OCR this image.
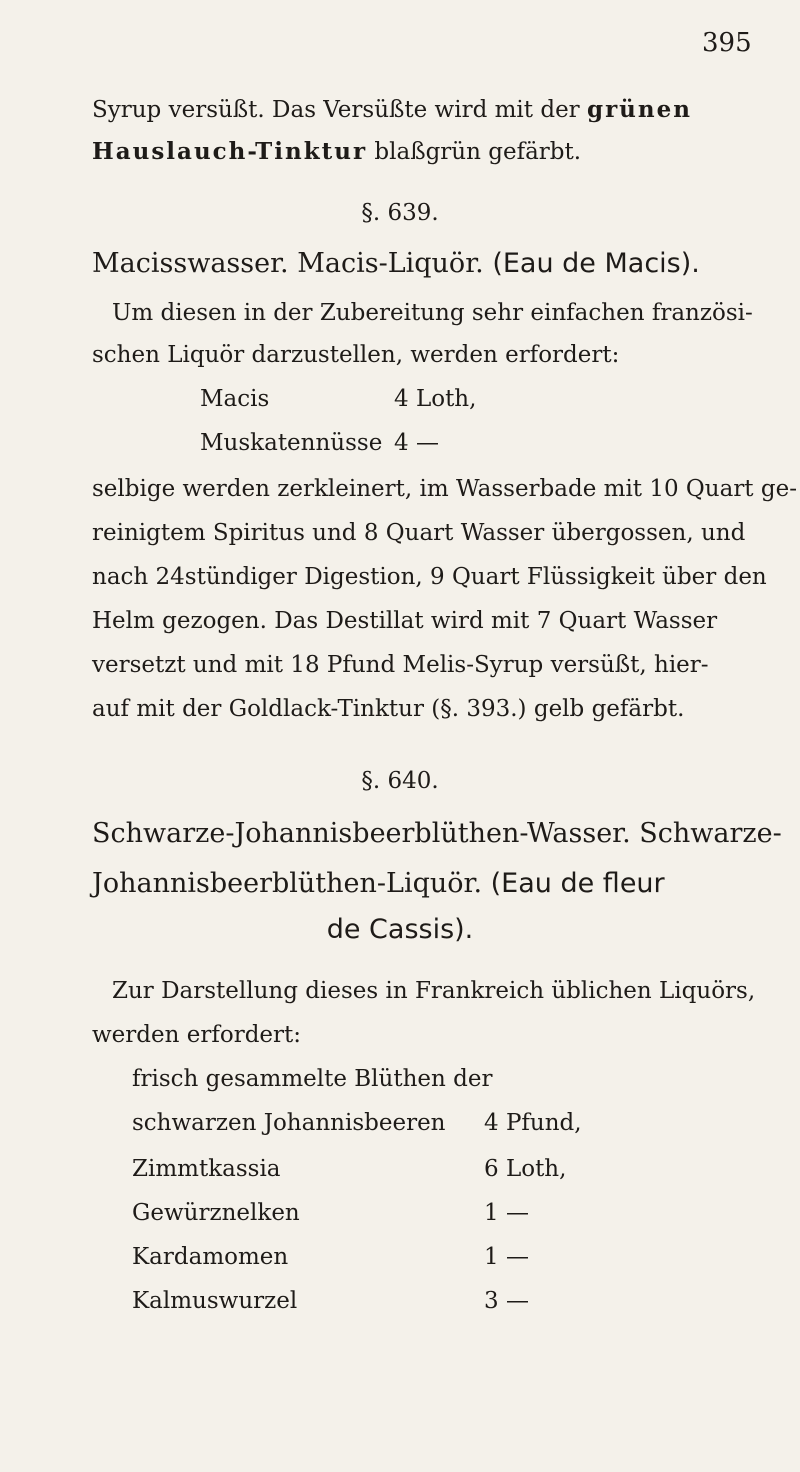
395
Syrup versüßt. Das Versüßte wird mit der grünen
Hauslauch-Tinktur blaßgrün gefärbt.
§. 639.
Macisswasser. Macis-Liquör. (Eau de Macis).
Um diesen in der Zubereitung sehr einfachen französi-
schen Liquör darzustellen, werden erfordert:
Macis	4 Loth,
Muskatennüsse 4 —
selbige werden zerkleinert, im Wasserbade mit 10 Quart ge-
reinigtem Spiritus und 8 Quart Wasser übergossen, und
nach 24stündiger Digestion, 9 Quart Flüssigkeit über den
Helm gezogen. Das Destillat wird mit 7 Quart Wasser
versetzt und mit 18 Pfund Melis-Syrup versüßt, hier-
auf mit der Goldlack-Tinktur (§. 393.) gelb gefärbt.
§. 640.
Schwarze-Johannisbeerblüthen-Wasser. Schwarze-
Johannisbeerblüthen-Liquör. (Eau de fleur
de Cassis).
Zur Darstellung dieses in Frankreich üblichen Liquörs,
werden erfordert:
frisch gesammelte Blüthen der
schwarzen Johannisbeeren 4 Pfund,
Zimmtkassia	6 Loth,
Gewürznelken	1 —
Kardamomen	1 —
Kalmuswurzel	3 —
